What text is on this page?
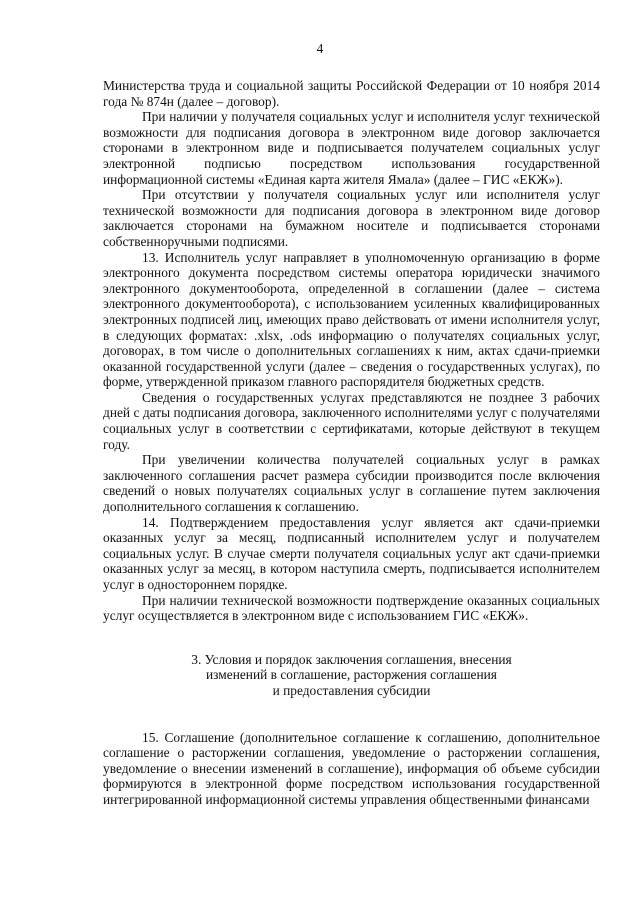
4

Министерства труда и социальной защиты Российской Федерации от 10 ноября 2014 года № 874н (далее – договор).

При наличии у получателя социальных услуг и исполнителя услуг технической возможности для подписания договора в электронном виде договор заключается сторонами в электронном виде и подписывается получателем социальных услуг электронной подписью посредством использования государственной информационной системы «Единая карта жителя Ямала» (далее – ГИС «ЕКЖ»).

При отсутствии у получателя социальных услуг или исполнителя услуг технической возможности для подписания договора в электронном виде договор заключается сторонами на бумажном носителе и подписывается сторонами собственноручными подписями.

13. Исполнитель услуг направляет в уполномоченную организацию в форме электронного документа посредством системы оператора юридически значимого электронного документооборота, определенной в соглашении (далее – система электронного документооборота), с использованием усиленных квалифицированных электронных подписей лиц, имеющих право действовать от имени исполнителя услуг, в следующих форматах: .xlsx, .ods информацию о получателях социальных услуг, договорах, в том числе о дополнительных соглашениях к ним, актах сдачи-приемки оказанной государственной услуги (далее – сведения о государственных услугах), по форме, утвержденной приказом главного распорядителя бюджетных средств.

Сведения о государственных услугах представляются не позднее 3 рабочих дней с даты подписания договора, заключенного исполнителями услуг с получателями социальных услуг в соответствии с сертификатами, которые действуют в текущем году.

При увеличении количества получателей социальных услуг в рамках заключенного соглашения расчет размера субсидии производится после включения сведений о новых получателях социальных услуг в соглашение путем заключения дополнительного соглашения к соглашению.

14. Подтверждением предоставления услуг является акт сдачи-приемки оказанных услуг за месяц, подписанный исполнителем услуг и получателем социальных услуг. В случае смерти получателя социальных услуг акт сдачи-приемки оказанных услуг за месяц, в котором наступила смерть, подписывается исполнителем услуг в одностороннем порядке.

При наличии технической возможности подтверждение оказанных социальных услуг осуществляется в электронном виде с использованием ГИС «ЕКЖ».

3. Условия и порядок заключения соглашения, внесения
изменений в соглашение, расторжения соглашения
и предоставления субсидии

15. Соглашение (дополнительное соглашение к соглашению, дополнительное соглашение о расторжении соглашения, уведомление о расторжении соглашения, уведомление о внесении изменений в соглашение), информация об объеме субсидии формируются в электронной форме посредством использования государственной интегрированной информационной системы управления общественными финансами
